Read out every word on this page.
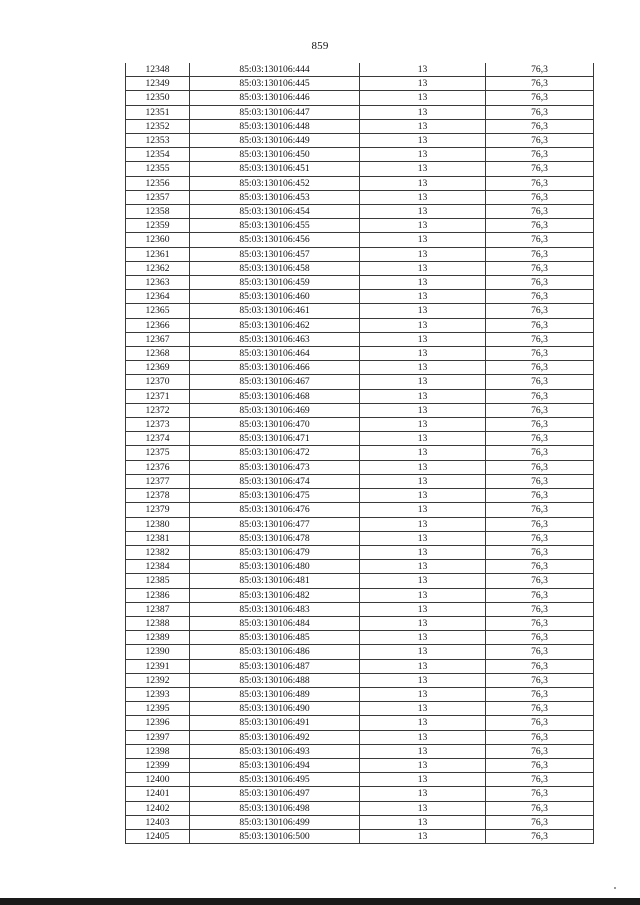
859
12348	85:03:130106:444	13	76,3
12349	85:03:130106:445	13	76,3
12350	85:03:130106:446	13	76,3
12351	85:03:130106:447	13	76,3
12352	85:03:130106:448	13	76,3
12353	85:03:130106:449	13	76,3
12354	85:03:130106:450	13	76,3
12355	85:03:130106:451	13	76,3
12356	85:03:130106:452	13	76,3
12357	85:03:130106:453	13	76,3
12358	85:03:130106:454	13	76,3
12359	85:03:130106:455	13	76,3
12360	85:03:130106:456	13	76,3
12361	85:03:130106:457	13	76,3
12362	85:03:130106:458	13	76,3
12363	85:03:130106:459	13	76,3
12364	85:03:130106:460	13	76,3
12365	85:03:130106:461	13	76,3
12366	85:03:130106:462	13	76,3
12367	85:03:130106:463	13	76,3
12368	85:03:130106:464	13	76,3
12369	85:03:130106:466	13	76,3
12370	85:03:130106:467	13	76,3
12371	85:03:130106:468	13	76,3
12372	85:03:130106:469	13	76,3
12373	85:03:130106:470	13	76,3
12374	85:03:130106:471	13	76,3
12375	85:03:130106:472	13	76,3
12376	85:03:130106:473	13	76,3
12377	85:03:130106:474	13	76,3
12378	85:03:130106:475	13	76,3
12379	85:03:130106:476	13	76,3
12380	85:03:130106:477	13	76,3
12381	85:03:130106:478	13	76,3
12382	85:03:130106:479	13	76,3
12384	85:03:130106:480	13	76,3
12385	85:03:130106:481	13	76,3
12386	85:03:130106:482	13	76,3
12387	85:03:130106:483	13	76,3
12388	85:03:130106:484	13	76,3
12389	85:03:130106:485	13	76,3
12390	85:03:130106:486	13	76,3
12391	85:03:130106:487	13	76,3
12392	85:03:130106:488	13	76,3
12393	85:03:130106:489	13	76,3
12395	85:03:130106:490	13	76,3
12396	85:03:130106:491	13	76,3
12397	85:03:130106:492	13	76,3
12398	85:03:130106:493	13	76,3
12399	85:03:130106:494	13	76,3
12400	85:03:130106:495	13	76,3
12401	85:03:130106:497	13	76,3
12402	85:03:130106:498	13	76,3
12403	85:03:130106:499	13	76,3
12405	85:03:130106:500	13	76,3
